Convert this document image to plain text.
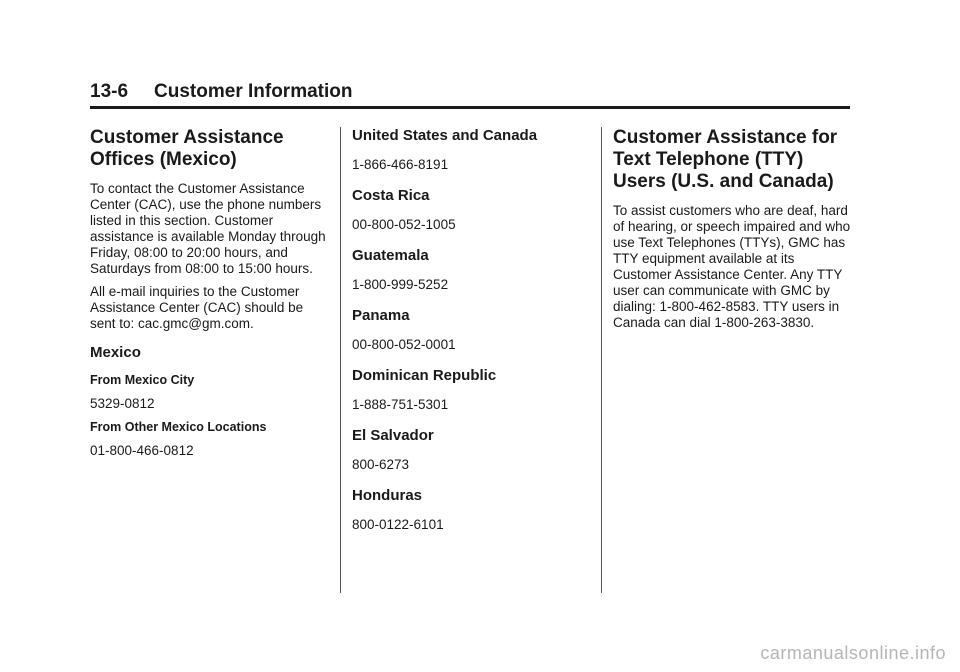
13-6 Customer Information
Customer Assistance Offices (Mexico)

To contact the Customer Assistance Center (CAC), use the phone numbers listed in this section. Customer assistance is available Monday through Friday, 08:00 to 20:00 hours, and Saturdays from 08:00 to 15:00 hours.

All e-mail inquiries to the Customer Assistance Center (CAC) should be sent to: cac.gmc@gm.com.

Mexico
From Mexico City

5329-0812

From Other Mexico Locations

01-800-466-0812

United States and Canada

1-866-466-8191

Costa Rica

00-800-052-1005

Guatemala

1-800-999-5252

Panama

00-800-052-0001

Dominican Republic

1-888-751-5301

El Salvador

800-6273

Honduras

800-0122-6101

Customer Assistance for Text Telephone (TTY) Users (U.S. and Canada)

To assist customers who are deaf, hard of hearing, or speech impaired and who use Text Telephones (TTYs), GMC has TTY equipment available at its Customer Assistance Center. Any TTY user can communicate with GMC by dialing: 1-800-462-8583. TTY users in Canada can dial 1-800-263-3830.

carmanualsonline.info
